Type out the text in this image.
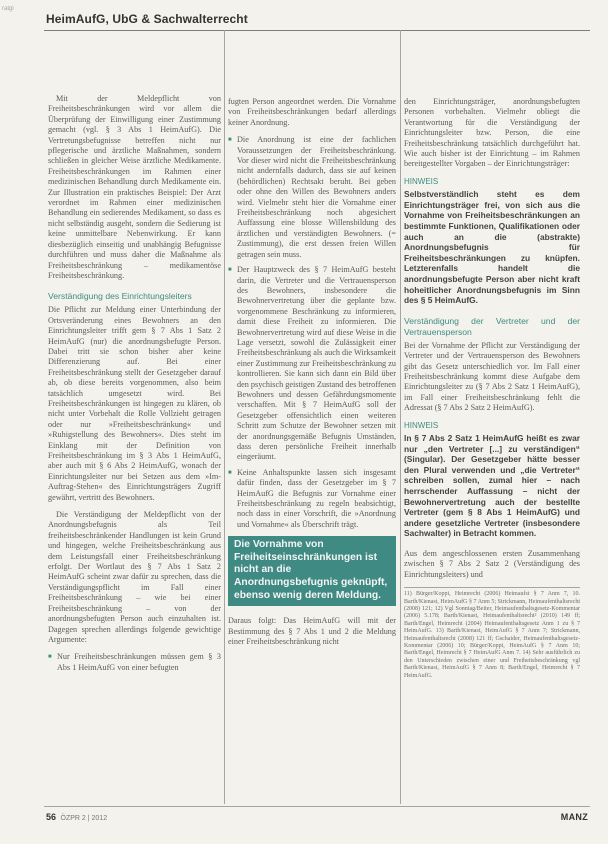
ratgi
HeimAufG, UbG & Sachwalterrecht

Mit der Meldepflicht von Freiheitsbeschränkungen wird vor allem die Überprüfung der Einwilligung einer Zustimmung gemacht (vgl. § 3 Abs 1 HeimAufG). Die Vertretungsbefugnisse betreffen nicht nur pflegerische und ärztliche Maßnahmen, sondern schließen in gleicher Weise ärztliche Medikamente. Freiheitsbeschränkungen im Rahmen einer medizinischen Behandlung durch Medikamente ein. Zur Illustration ein praktisches Beispiel: Der Arzt verordnet im Rahmen einer medizinischen Behandlung ein sedierendes Medikament, so dass es nicht selbständig ausgeht, sondern die Sedierung ist keine unmittelbare Nebenwirkung. Er kann diesbezüglich einseitig und unabhängig Befugnisse durchführen und muss daher die Maßnahme als Freiheitsbeschränkung – medikamentöse Freiheitsbeschränkung.

Verständigung des Einrichtungsleiters

Die Pflicht zur Meldung einer Unterbindung der Ortsveränderung eines Bewohners an den Einrichtungsleiter trifft gem § 7 Abs 1 Satz 2 HeimAufG (nur) die anordnungsbefugte Person. Dabei tritt sie schon bisher aber keine Differenzierung auf. Bei einer Freiheitsbeschränkung stellt der Gesetzgeber darauf ab, ob diese bereits vorgenommen, also beim tatsächlich umgesetzt wird. Bei Freiheitsbeschränkungen ist hingegen zu klären, ob nicht unter Vorbehalt die Rolle Vollzieht getragen oder nur »Freiheitsbeschränkung« und »Ruhigstellung des Bewohners«. Dies steht im Einklang mit der Definition von Freiheitsbeschränkung im § 3 Abs 1 HeimAufG, aber auch mit § 6 Abs 2 HeimAufG, wonach der Einrichtungsleiter nur bei Setzen aus dem »Im-Auftrag-Stehen« des Einrichtungsträgers Zugriff gewährt, vertritt des Bewohners.

Die Verständigung der Meldepflicht von der Anordnungsbefugnis als Teil freiheitsbeschränkender Handlungen ist kein Grund und hingegen, welche Freiheitsbeschränkung aus dem Leistungsfall einer Freiheitsbeschränkung erfolgt. Der Wortlaut des § 7 Abs 1 Satz 2 HeimAufG scheint zwar dafür zu sprechen, dass die Verständigungspflicht im Fall einer Freiheitsbeschränkung – wie bei einer Freiheitsbeschränkung – von der anordnungsbefugten Person auch einzuhalten ist. Dagegen sprechen allerdings folgende gewichtige Argumente:

■ Nur Freiheitsbeschränkungen müssen gem § 3 Abs 1 HeimAufG von einer befugten

fugten Person angeordnet werden. Die Vornahme von Freiheitsbeschränkungen bedarf allerdings keiner Anordnung.

■ Die Anordnung ist eine der fachlichen Voraussetzungen der Freiheitsbeschränkung. Vor dieser wird nicht die Freiheitsbeschränkung nicht andernfalls dadurch, dass sie auf keinen (behördlichen) Rechtsakt beruht. Bei geben oder ohne den Willen des Bewohners anders wird. Vielmehr steht hier die Vornahme einer Freiheitsbeschränkung noch abgesichert Auffassung eine blosse Willensbildung des ärztlichen und verständigten Bewohners. (= Zustimmung), die erst dessen freien Willen getragen sein muss.
■ Der Hauptzweck des § 7 HeimAufG besteht darin, die Vertreter und die Vertrauensperson des Bewohners, insbesondere die Bewohnervertretung über die geplante bzw. vorgenommene Beschränkung zu informieren, damit diese Freiheit zu informieren. Die Bewohnervertretung wird auf diese Weise in die Lage versetzt, sowohl die Zulässigkeit einer Freiheitsbeschränkung als auch die Wirksamkeit einer Zustimmung zur Freiheitsbeschränkung zu kontrollieren. Sie kann sich dann ein Bild über den psychisch geistigen Zustand des betroffenen Bewohners und dessen Gefährdungsmomente verschaffen. Mit § 7 HeimAufG soll der Gesetzgeber offensichtlich einen weiteren Schritt zum Schutze der Bewohner setzen mit der anordnungsgemäße Befugnis Umständen, dass deren persönliche Freiheit innerhalb eingeräumt.
■ Keine Anhaltspunkte lassen sich insgesamt dafür finden, dass der Gesetzgeber im § 7 HeimAufG die Befugnis zur Vornahme einer Freiheitsbeschränkung zu regeln beabsichtigt, noch dass in einer Vorschrift, die »Anordnung und Vornahme« als Überschrift trägt.
Die Vornahme von Freiheitseinschränkungen ist nicht an die Anordnungsbefugnis geknüpft, ebenso wenig deren Meldung.

Daraus folgt: Das HeimAufG will mit der Bestimmung des § 7 Abs 1 und 2 die Meldung einer Freiheitsbeschränkung nicht

den Einrichtungsträger, anordnungsbefugten Personen vorbehalten. Vielmehr obliegt die Verantwortung für die Verständigung der Einrichtungsleiter bzw. Person, die eine Freiheitsbeschränkung tatsächlich durchgeführt hat. Wie auch bisher ist der Einrichtung – im Rahmen bereitgestellter Vorgaben – der Einrichtungsträger:

HINWEIS
Selbstverständlich steht es dem Einrichtungsträger frei, von sich aus die Vornahme von Freiheitsbeschränkungen an bestimmte Funktionen, Qualifikationen oder auch an die (abstrakte) Anordnungsbefugnis für Freiheitsbeschränkungen zu knüpfen. Letzterenfalls handelt die anordnungsbefugte Person aber nicht kraft hoheitlicher Anordnungsbefugnis im Sinn des § 5 HeimAufG.
Verständigung der Vertreter und der Vertrauensperson

Bei der Vornahme der Pflicht zur Verständigung der Vertreter und der Vertrauensperson des Bewohners gibt das Gesetz unterschiedlich vor. Im Fall einer Freiheitsbeschränkung kommt diese Aufgabe dem Einrichtungsleiter zu (§ 7 Abs 2 Satz 1 HeimAufG), im Fall einer Freiheitsbeschränkung fehlt die Adressat (§ 7 Abs 2 Satz 2 HeimAufG).

HINWEIS
In § 7 Abs 2 Satz 1 HeimAufG heißt es zwar nur „den Vertreter [...] zu verständigen“ (Singular). Der Gesetzgeber hätte besser den Plural verwenden und „die Vertreter“ schreiben sollen, zumal hier – nach herrschender Auffassung – nicht der Bewohnervertretung auch der bestellte Vertreter (gem § 8 Abs 1 HeimAufG) und andere gesetzliche Vertreter (insbesondere Sachwalter) in Betracht kommen.

Aus dem angeschlossenen ersten Zusammenhang zwischen § 7 Abs 2 Satz 2 (Verständigung des Einrichtungsleiters) und

11) Bürger/Koppi, Heimrecht (2006) Heimaufst § 7 Anm 7, 10. Barth/Kienast, HeimAufG § 7 Anm 5; Strickmann, Heimaufenthaltsrecht (2008) 121; 12) Vgl Sonntag/Beiter, Heimaufenthaltsgesetz-Kommentar (2006) 5.178; Barth/Kienast, Heimaufenthaltsrecht² (2010) 149 ff; Barth/Engel, Heimrecht (2004) Heimaufenthaltsgesetz Anm 1 zu § 7 HeimAufG. 13) Barth/Kienast, HeimAufG § 7 Anm 7; Strickmann, Heimaufenthaltsrecht (2008) 121 ff; Gschaider, Heimaufenthaltsgesetz-Kommentar (2006) 10; Bürger/Koppi, HeimAufG § 7 Anm 10; Barth/Engel, Heimrecht § 7 HeimAufG Anm 7. 14) Sehr ausführlich zu den Unterschieden zwischen einer und Freiheitsbeschränkung vgl Barth/Kienast, HeimAufG § 7 Anm 8; Barth/Engel, Heimrecht § 7 HeimAufG.
56 ÖZPR 2 | 2012	MANZ
